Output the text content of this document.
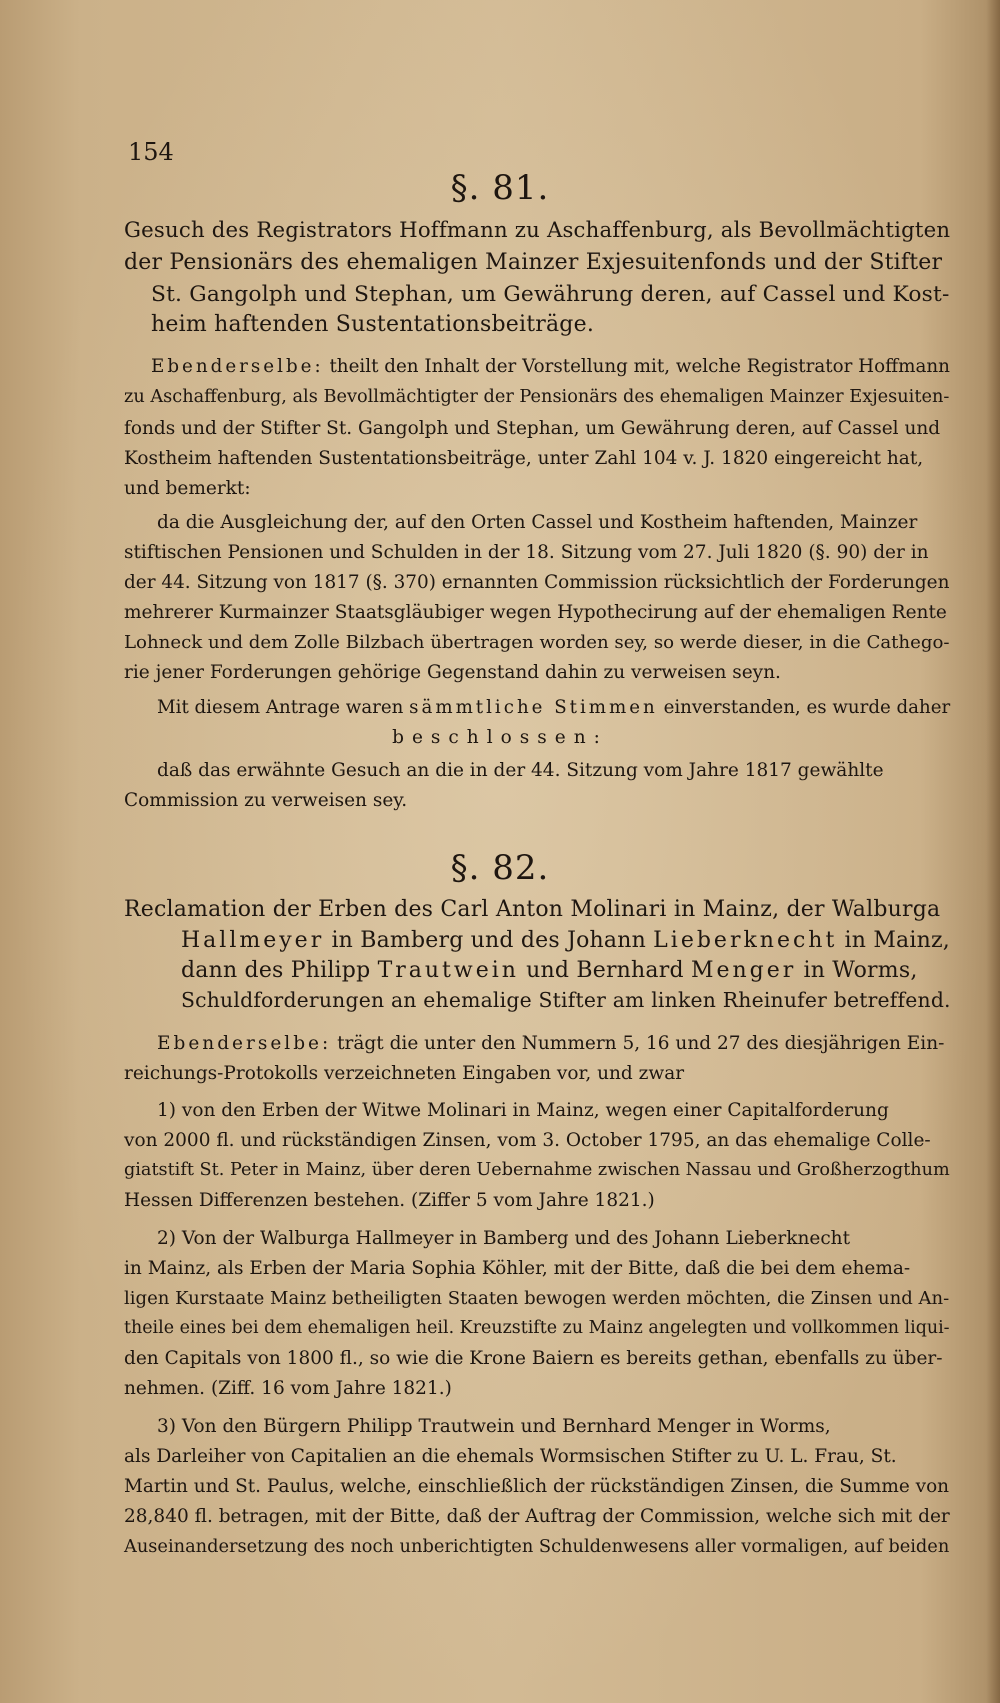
154
§. 81.
Gesuch des Registrators Hoffmann zu Aschaffenburg, als Bevollmächtigten
der Pensionärs des ehemaligen Mainzer Exjesuitenfonds und der Stifter
St. Gangolph und Stephan, um Gewährung deren, auf Cassel und Kost-
heim haftenden Sustentationsbeiträge.
Ebenderselbe: theilt den Inhalt der Vorstellung mit, welche Registrator Hoffmann
zu Aschaffenburg, als Bevollmächtigter der Pensionärs des ehemaligen Mainzer Exjesuiten-
fonds und der Stifter St. Gangolph und Stephan, um Gewährung deren, auf Cassel und
Kostheim haftenden Sustentationsbeiträge, unter Zahl 104 v. J. 1820 eingereicht hat,
und bemerkt:
da die Ausgleichung der, auf den Orten Cassel und Kostheim haftenden, Mainzer
stiftischen Pensionen und Schulden in der 18. Sitzung vom 27. Juli 1820 (§. 90) der in
der 44. Sitzung von 1817 (§. 370) ernannten Commission rücksichtlich der Forderungen
mehrerer Kurmainzer Staatsgläubiger wegen Hypothecirung auf der ehemaligen Rente
Lohneck und dem Zolle Bilzbach übertragen worden sey, so werde dieser, in die Cathego-
rie jener Forderungen gehörige Gegenstand dahin zu verweisen seyn.
Mit diesem Antrage waren sämmtliche Stimmen einverstanden, es wurde daher
beschlossen:
daß das erwähnte Gesuch an die in der 44. Sitzung vom Jahre 1817 gewählte
Commission zu verweisen sey.
§. 82.
Reclamation der Erben des Carl Anton Molinari in Mainz, der Walburga
Hallmeyer in Bamberg und des Johann Lieberknecht in Mainz,
dann des Philipp Trautwein und Bernhard Menger in Worms,
Schuldforderungen an ehemalige Stifter am linken Rheinufer betreffend.
Ebenderselbe: trägt die unter den Nummern 5, 16 und 27 des diesjährigen Ein-
reichungs-Protokolls verzeichneten Eingaben vor, und zwar
1) von den Erben der Witwe Molinari in Mainz, wegen einer Capitalforderung
von 2000 fl. und rückständigen Zinsen, vom 3. October 1795, an das ehemalige Colle-
giatstift St. Peter in Mainz, über deren Uebernahme zwischen Nassau und Großherzogthum
Hessen Differenzen bestehen. (Ziffer 5 vom Jahre 1821.)
2) Von der Walburga Hallmeyer in Bamberg und des Johann Lieberknecht
in Mainz, als Erben der Maria Sophia Köhler, mit der Bitte, daß die bei dem ehema-
ligen Kurstaate Mainz betheiligten Staaten bewogen werden möchten, die Zinsen und An-
theile eines bei dem ehemaligen heil. Kreuzstifte zu Mainz angelegten und vollkommen liqui-
den Capitals von 1800 fl., so wie die Krone Baiern es bereits gethan, ebenfalls zu über-
nehmen. (Ziff. 16 vom Jahre 1821.)
3) Von den Bürgern Philipp Trautwein und Bernhard Menger in Worms,
als Darleiher von Capitalien an die ehemals Wormsischen Stifter zu U. L. Frau, St.
Martin und St. Paulus, welche, einschließlich der rückständigen Zinsen, die Summe von
28,840 fl. betragen, mit der Bitte, daß der Auftrag der Commission, welche sich mit der
Auseinandersetzung des noch unberichtigten Schuldenwesens aller vormaligen, auf beiden
